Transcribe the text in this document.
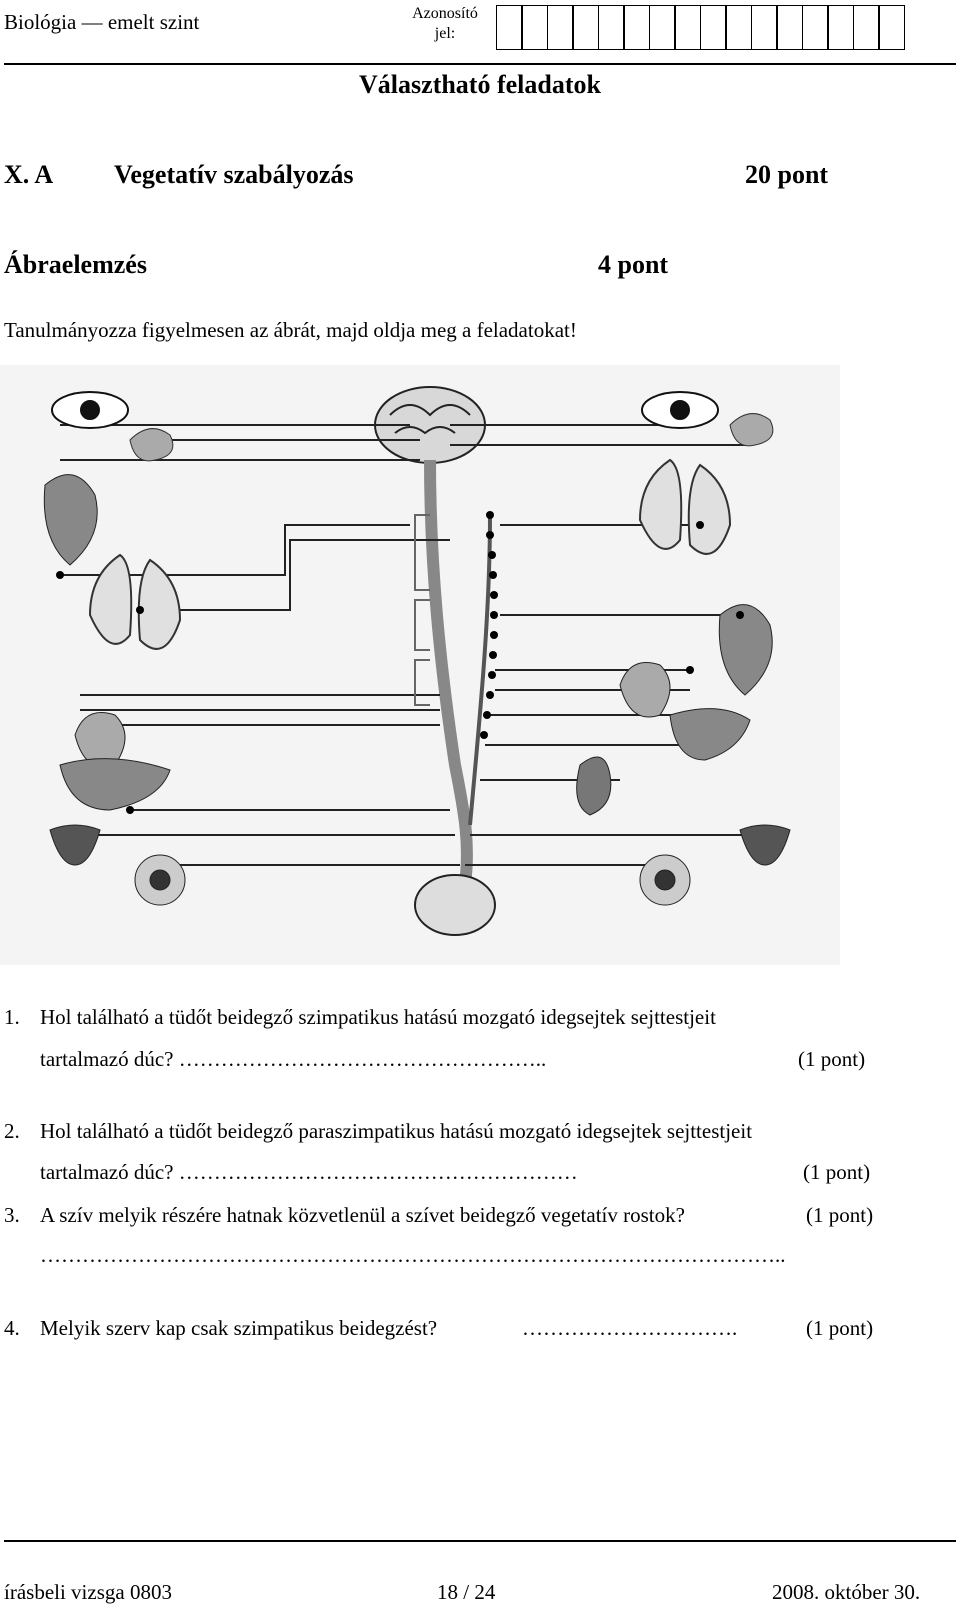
Biológia — emelt szint	Azonosító
jel:
Választható feladatok
X. A Vegetatív szabályozás	20 pont
Ábraelemzés	4 pont
Tanulmányozza figyelmesen az ábrát, majd oldja meg a feladatokat!
1. Hol található a tüdőt beidegző szimpatikus hatású mozgató idegsejtek sejttestjeit
tartalmazó dúc? ……………………………………………..	(1 pont)
2. Hol található a tüdőt beidegző paraszimpatikus hatású mozgató idegsejtek sejttestjeit
tartalmazó dúc? …………………………………………………	(1 pont)
3. A szív melyik részére hatnak közvetlenül a szívet beidegző vegetatív rostok?	(1 pont)
……………………………………………………………………………………………..
4. Melyik szerv kap csak szimpatikus beidegzést?	………………………….	(1 pont)
írásbeli vizsga 0803	18 / 24	2008. október 30.
